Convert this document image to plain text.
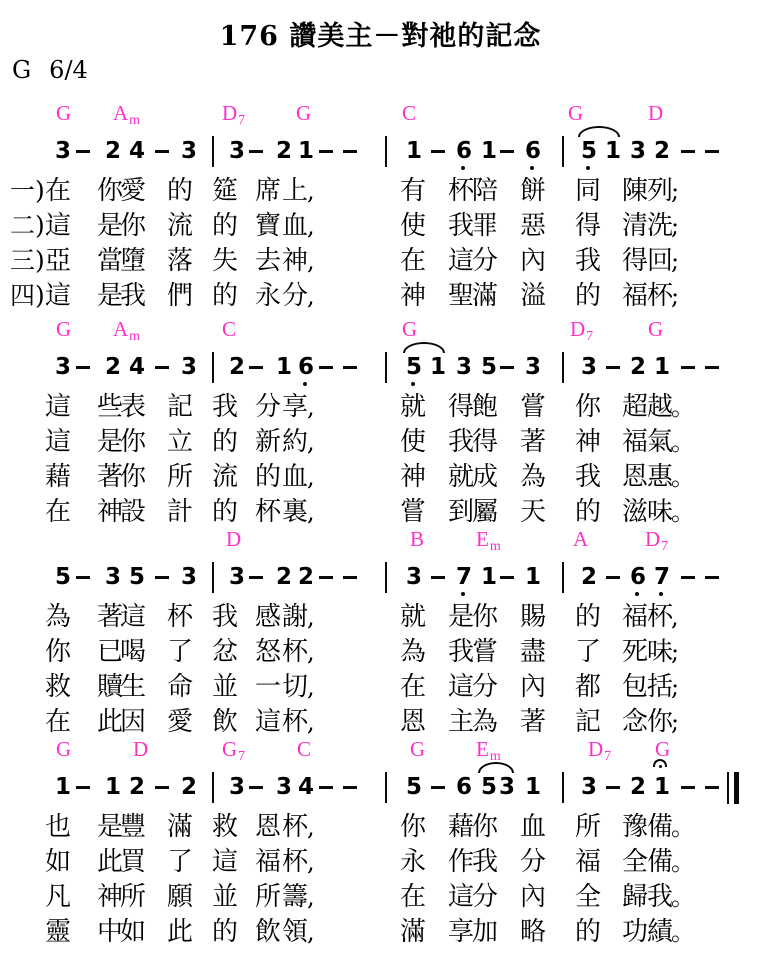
176 讚美主－對祂的記念
G 6/4
G Am	D7 G	C	G	D
3 2 4 3 3 2 1	1 6 1 6 5 1 3 2
一) 在 你
愛 的 筵 席 上
,	有 杯
陪 餅 同 陳
列
;
二) 這 是
你 流 的 寶 血
,	使 我
罪 惡 得 清
洗
;
三) 亞 當
墮 落 失 去 神
,	在 這
分 內 我 得
回
;
四) 這 是
我 們 的 永 分
,	神 聖
滿 溢 的 福
杯
;
G Am	C	G	D7	G
3 2 4 3 2 1 6	5 1 3 5 3 3 2 1
這 些
表 記 我 分 享
,	就 得
飽 嘗 你 超
越
。
這 是
你 立 的 新 約
,	使 我
得 著 神 福
氣
。
藉 著
你 所 流 的 血
,	神 就
成 為 我 恩
惠
。
在 神
設 計 的 杯 裏
,	嘗 到
屬 天 的 滋
味
。
D	B Em	A	D7
5 3 5 3 3 2 2	3 7 1 1 2 6 7
為 著
這 杯 我 感 謝
,	就 是
你 賜 的 福
杯
,
你 已
喝 了 忿 怒 杯
,	為 我
嘗 盡 了 死
味
;
救 贖
生 命 並 一 切
,	在 這
分 內 都 包
括
;
在 此
因 愛 飲 這 杯
,	恩 主
為 著 記 念
你
;
G	D	G7 C	G Em	D7 G
1 1 2 2 3 3 4	5 6 5 3 1 3 2 1
也 是
豐 滿 救 恩 杯
,	你 藉
你 血 所 豫
備
。
如 此
買 了 這 福 杯
,	永 作
我 分 福 全
備
。
凡 神
所 願 並 所 籌
,	在 這
分 內 全 歸
我
。
靈 中
如 此 的 飲 領
,	滿 享
加 略 的 功
績
。
